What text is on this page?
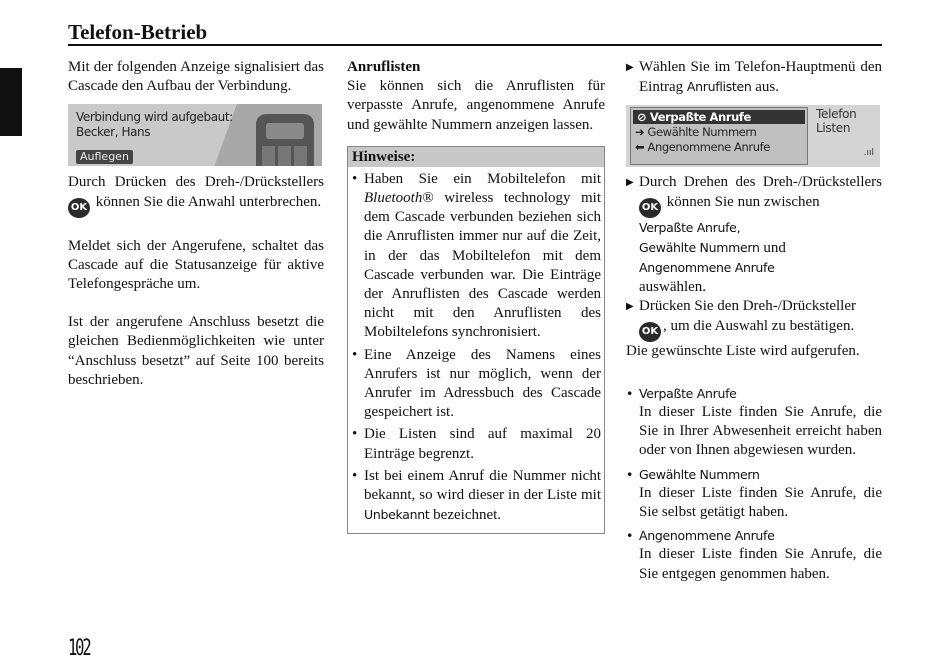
Telefon-Betrieb

Mit der folgenden Anzeige signalisiert das Cascade den Aufbau der Verbindung.

Verbindung wird aufgebaut:
Becker, Hans
Auflegen

Durch Drücken des Dreh-/Drückstellers OK können Sie die Anwahl unterbrechen.

Meldet sich der Angerufene, schaltet das Cascade auf die Statusanzeige für aktive Telefongespräche um.

Ist der angerufene Anschluss besetzt die gleichen Bedienmöglichkeiten wie unter “Anschluss besetzt” auf Seite 100 bereits beschrieben.

Anruflisten

Sie können sich die Anruflisten für verpasste Anrufe, angenommene Anrufe und gewählte Nummern anzeigen lassen.

Hinweise:
• Haben Sie ein Mobiltelefon mit Bluetooth® wireless technology mit dem Cascade verbunden beziehen sich die Anruflisten immer nur auf die Zeit, in der das Mobiltelefon mit dem Cascade verbunden war. Die Einträge der Anruflisten des Cascade werden nicht mit den Anruflisten des Mobiltelefons synchronisiert.
• Eine Anzeige des Namens eines Anrufers ist nur möglich, wenn der Anrufer im Adressbuch des Cascade gespeichert ist.
• Die Listen sind auf maximal 20 Einträge begrenzt.
• Ist bei einem Anruf die Nummer nicht bekannt, so wird dieser in der Liste mit Unbekannt bezeichnet.

▶ Wählen Sie im Telefon-Hauptmenü den Eintrag Anruflisten aus.

⊘ Verpaßte Anrufe
➜ Gewählte Nummern
⬅ Angenommene Anrufe
Telefon
Listen
.ııl

▶ Durch Drehen des Dreh-/Drückstellers OK können Sie nun zwischen
Verpaßte Anrufe,
Gewählte Nummern und
Angenommene Anrufe
auswählen.

▶ Drücken Sie den Dreh-/Drücksteller
OK , um die Auswahl zu bestätigen.

Die gewünschte Liste wird aufgerufen.

• Verpaßte Anrufe

In dieser Liste finden Sie Anrufe, die Sie in Ihrer Abwesenheit erreicht haben oder von Ihnen abgewiesen wurden.

• Gewählte Nummern

In dieser Liste finden Sie Anrufe, die Sie selbst getätigt haben.

• Angenommene Anrufe

In dieser Liste finden Sie Anrufe, die Sie entgegen genommen haben.

102
